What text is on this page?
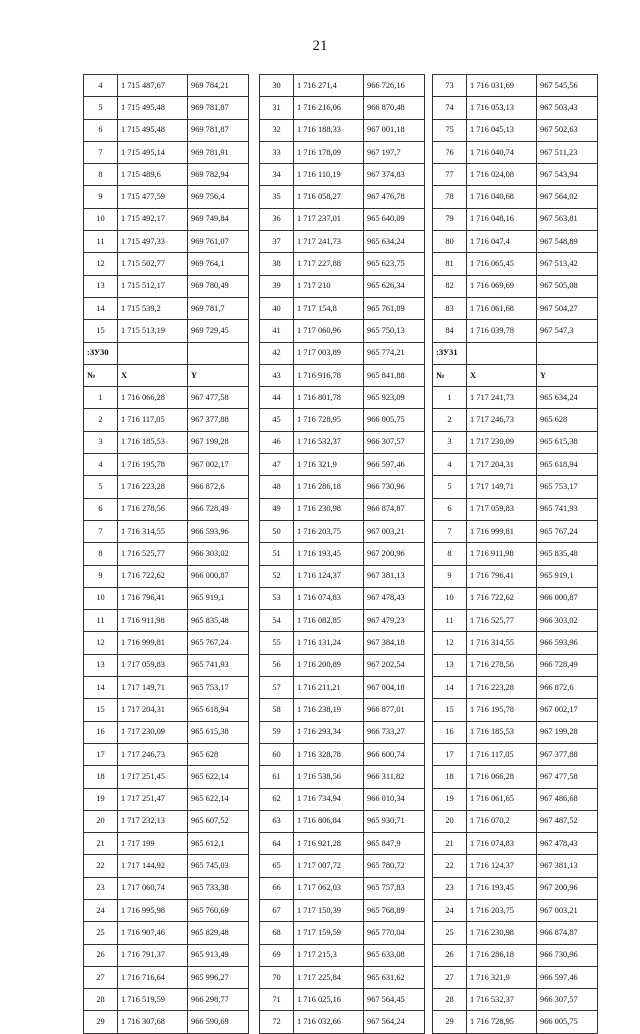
21
4	1 715 487,67	969 784,21
5	1 715 495,48	969 781,87
6	1 715 495,48	969 781,87
7	1 715 495,14	969 781,91
8	1 715 489,6	969 782,94
9	1 715 477,59	969 756,4
10	1 715 492,17	969 749,84
11	1 715 497,33	969 761,07
12	1 715 502,77	969 764,1
13	1 715 512,17	969 780,49
14	1 715 539,2	969 781,7
15	1 715 513,19	969 729,45
:ЗУ30		
№	X	Y
1	1 716 066,28	967 477,58
2	1 716 117,05	967 377,88
3	1 716 185,53	967 199,28
4	1 716 195,78	967 002,17
5	1 716 223,28	966 872,6
6	1 716 278,56	966 728,49
7	1 716 314,55	966 593,96
8	1 716 525,77	966 303,02
9	1 716 722,62	966 000,87
10	1 716 796,41	965 919,1
11	1 716 911,98	965 835,48
12	1 716 999,81	965 767,24
13	1 717 059,83	965 741,93
14	1 717 149,71	965 753,17
15	1 717 204,31	965 618,94
16	1 717 230,09	965 615,38
17	1 717 246,73	965 628
18	1 717 251,45	965 622,14
19	1 717 251,47	965 622,14
20	1 717 232,13	965 607,52
21	1 717 199	965 612,1
22	1 717 144,92	965 745,03
23	1 717 060,74	965 733,38
24	1 716 995,98	965 760,69
25	1 716 907,46	965 829,48
26	1 716 791,37	965 913,49
27	1 716 716,64	965 996,27
28	1 716 519,59	966 298,77
29	1 716 307,68	966 590,69
30	1 716 271,4	966 726,16
31	1 716 216,06	966 870,48
32	1 716 188,33	967 001,18
33	1 716 178,09	967 197,7
34	1 716 110,19	967 374,83
35	1 716 058,27	967 476,78
36	1 717 237,01	965 640,09
37	1 717 241,73	965 634,24
38	1 717 227,88	965 623,75
39	1 717 210	965 626,34
40	1 717 154,8	965 761,89
41	1 717 060,96	965 750,13
42	1 717 003,89	965 774,21
43	1 716 916,78	965 841,88
44	1 716 801,78	965 923,09
45	1 716 728,95	966 005,75
46	1 716 532,37	966 307,57
47	1 716 321,9	966 597,46
48	1 716 286,18	966 730,96
49	1 716 230,98	966 874,87
50	1 716 203,75	967 003,21
51	1 716 193,45	967 200,96
52	1 716 124,37	967 381,13
53	1 716 074,83	967 478,43
54	1 716 082,85	967 479,23
55	1 716 131,24	967 384,18
56	1 716 200,89	967 202,54
57	1 716 211,21	967 004,18
58	1 716 238,19	966 877,01
59	1 716 293,34	966 733,27
60	1 716 328,78	966 600,74
61	1 716 538,56	966 311,82
62	1 716 734,94	966 010,34
63	1 716 806,84	965 930,71
64	1 716 921,28	965 847,9
65	1 717 007,72	965 780,72
66	1 717 062,03	965 757,83
67	1 717 150,39	965 768,89
68	1 717 159,59	965 770,04
69	1 717 215,3	965 633,08
70	1 717 225,84	965 631,62
71	1 716 025,16	967 564,45
72	1 716 032,66	967 564,24
73	1 716 031,69	967 545,56
74	1 716 053,13	967 503,43
75	1 716 045,13	967 502,63
76	1 716 040,74	967 511,23
77	1 716 024,08	967 543,94
78	1 716 040,68	967 564,02
79	1 716 048,16	967 563,81
80	1 716 047,4	967 548,89
81	1 716 065,45	967 513,42
82	1 716 069,69	967 505,08
83	1 716 061,68	967 504,27
84	1 716 039,78	967 547,3
:ЗУ31		
№	X	Y
1	1 717 241,73	965 634,24
2	1 717 246,73	965 628
3	1 717 230,09	965 615,38
4	1 717 204,31	965 618,94
5	1 717 149,71	965 753,17
6	1 717 059,83	965 741,93
7	1 716 999,81	965 767,24
8	1 716 911,98	965 835,48
9	1 716 796,41	965 919,1
10	1 716 722,62	966 000,87
11	1 716 525,77	966 303,02
12	1 716 314,55	966 593,96
13	1 716 278,56	966 728,49
14	1 716 223,28	966 872,6
15	1 716 195,78	967 002,17
16	1 716 185,53	967 199,28
17	1 716 117,05	967 377,88
18	1 716 066,28	967 477,58
19	1 716 061,65	967 486,68
20	1 716 070,2	967 487,52
21	1 716 074,83	967 478,43
22	1 716 124,37	967 381,13
23	1 716 193,45	967 200,96
24	1 716 203,75	967 003,21
25	1 716 230,98	966 874,87
26	1 716 286,18	966 730,96
27	1 716 321,9	966 597,46
28	1 716 532,37	966 307,57
29	1 716 728,95	966 005,75
